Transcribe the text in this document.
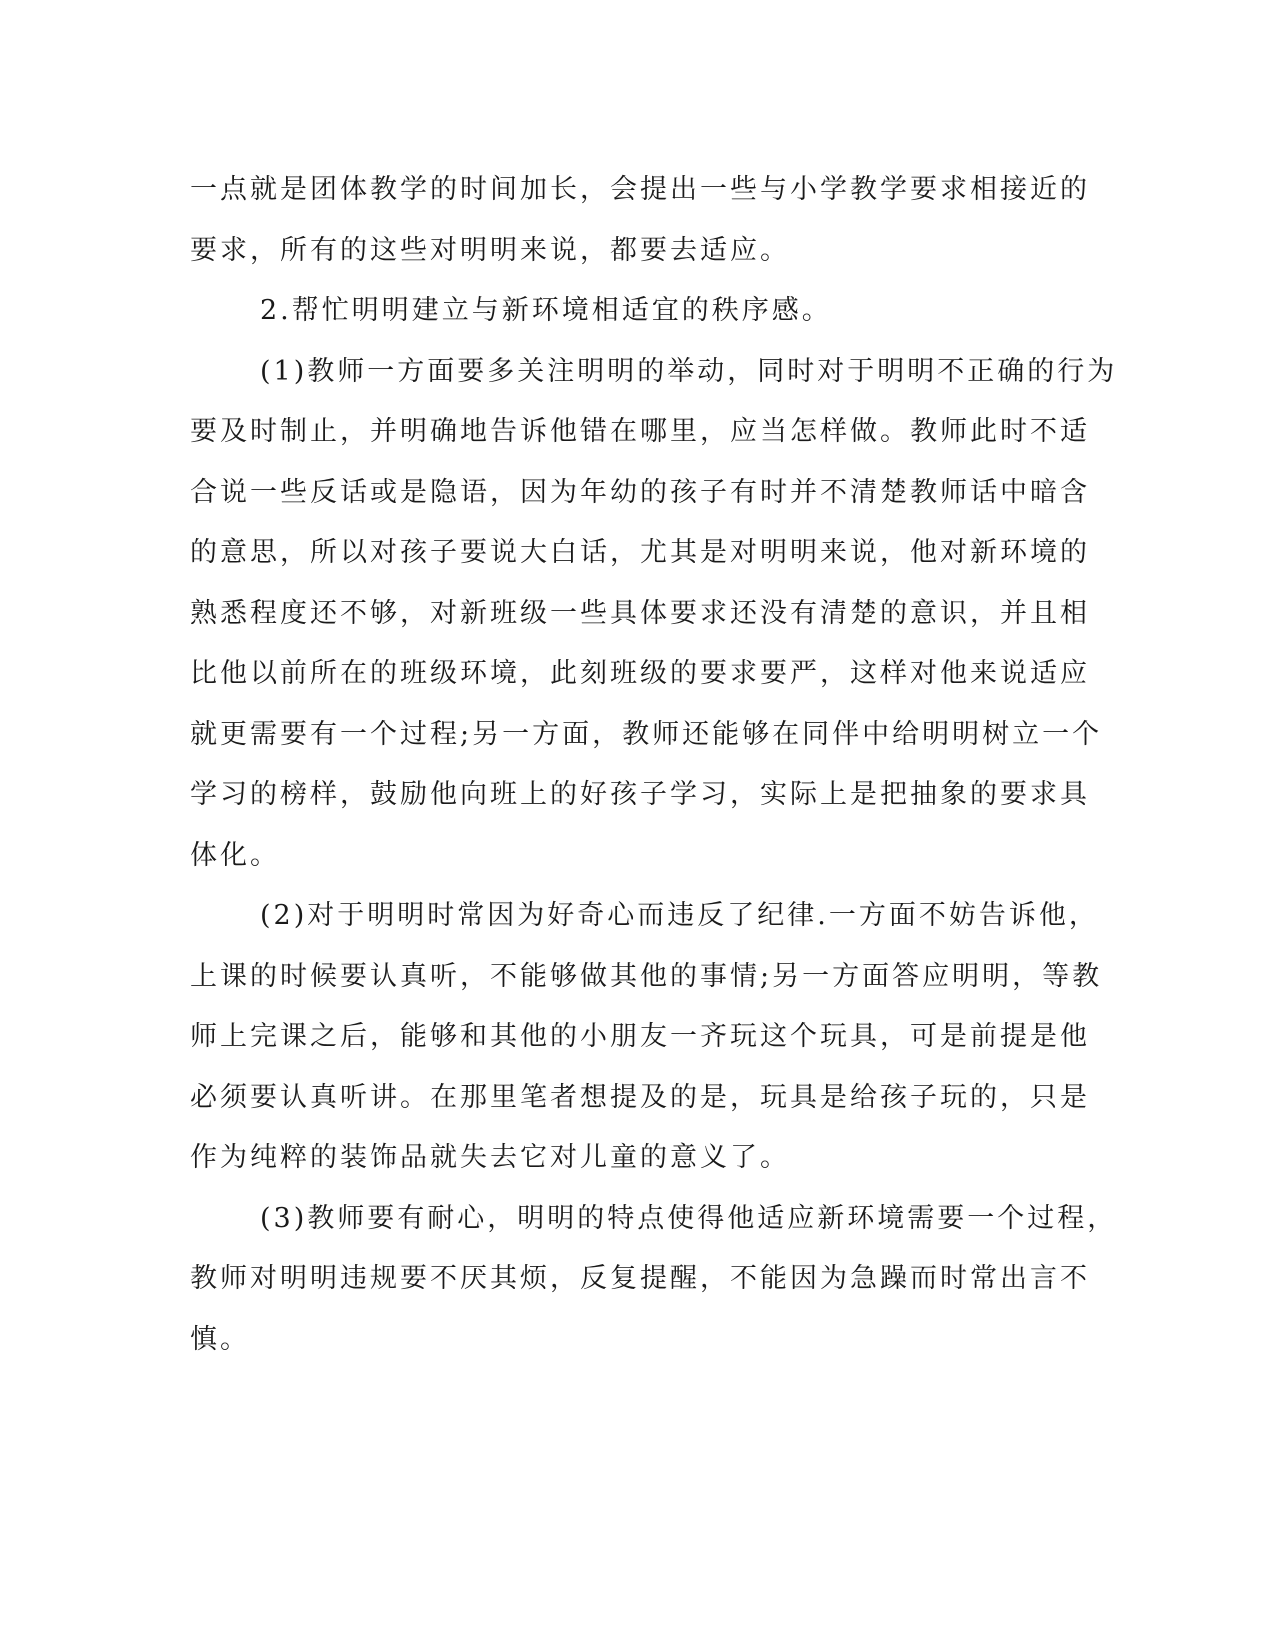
一点就是团体教学的时间加长，会提出一些与小学教学要求相接近的
要求，所有的这些对明明来说，都要去适应。
2.帮忙明明建立与新环境相适宜的秩序感。
(1)教师一方面要多关注明明的举动，同时对于明明不正确的行为
要及时制止，并明确地告诉他错在哪里，应当怎样做。教师此时不适
合说一些反话或是隐语，因为年幼的孩子有时并不清楚教师话中暗含
的意思，所以对孩子要说大白话，尤其是对明明来说，他对新环境的
熟悉程度还不够，对新班级一些具体要求还没有清楚的意识，并且相
比他以前所在的班级环境，此刻班级的要求要严，这样对他来说适应
就更需要有一个过程;另一方面，教师还能够在同伴中给明明树立一个
学习的榜样，鼓励他向班上的好孩子学习，实际上是把抽象的要求具
体化。
(2)对于明明时常因为好奇心而违反了纪律.一方面不妨告诉他，
上课的时候要认真听，不能够做其他的事情;另一方面答应明明，等教
师上完课之后，能够和其他的小朋友一齐玩这个玩具，可是前提是他
必须要认真听讲。在那里笔者想提及的是，玩具是给孩子玩的，只是
作为纯粹的装饰品就失去它对儿童的意义了。
(3)教师要有耐心，明明的特点使得他适应新环境需要一个过程，
教师对明明违规要不厌其烦，反复提醒，不能因为急躁而时常出言不
慎。
